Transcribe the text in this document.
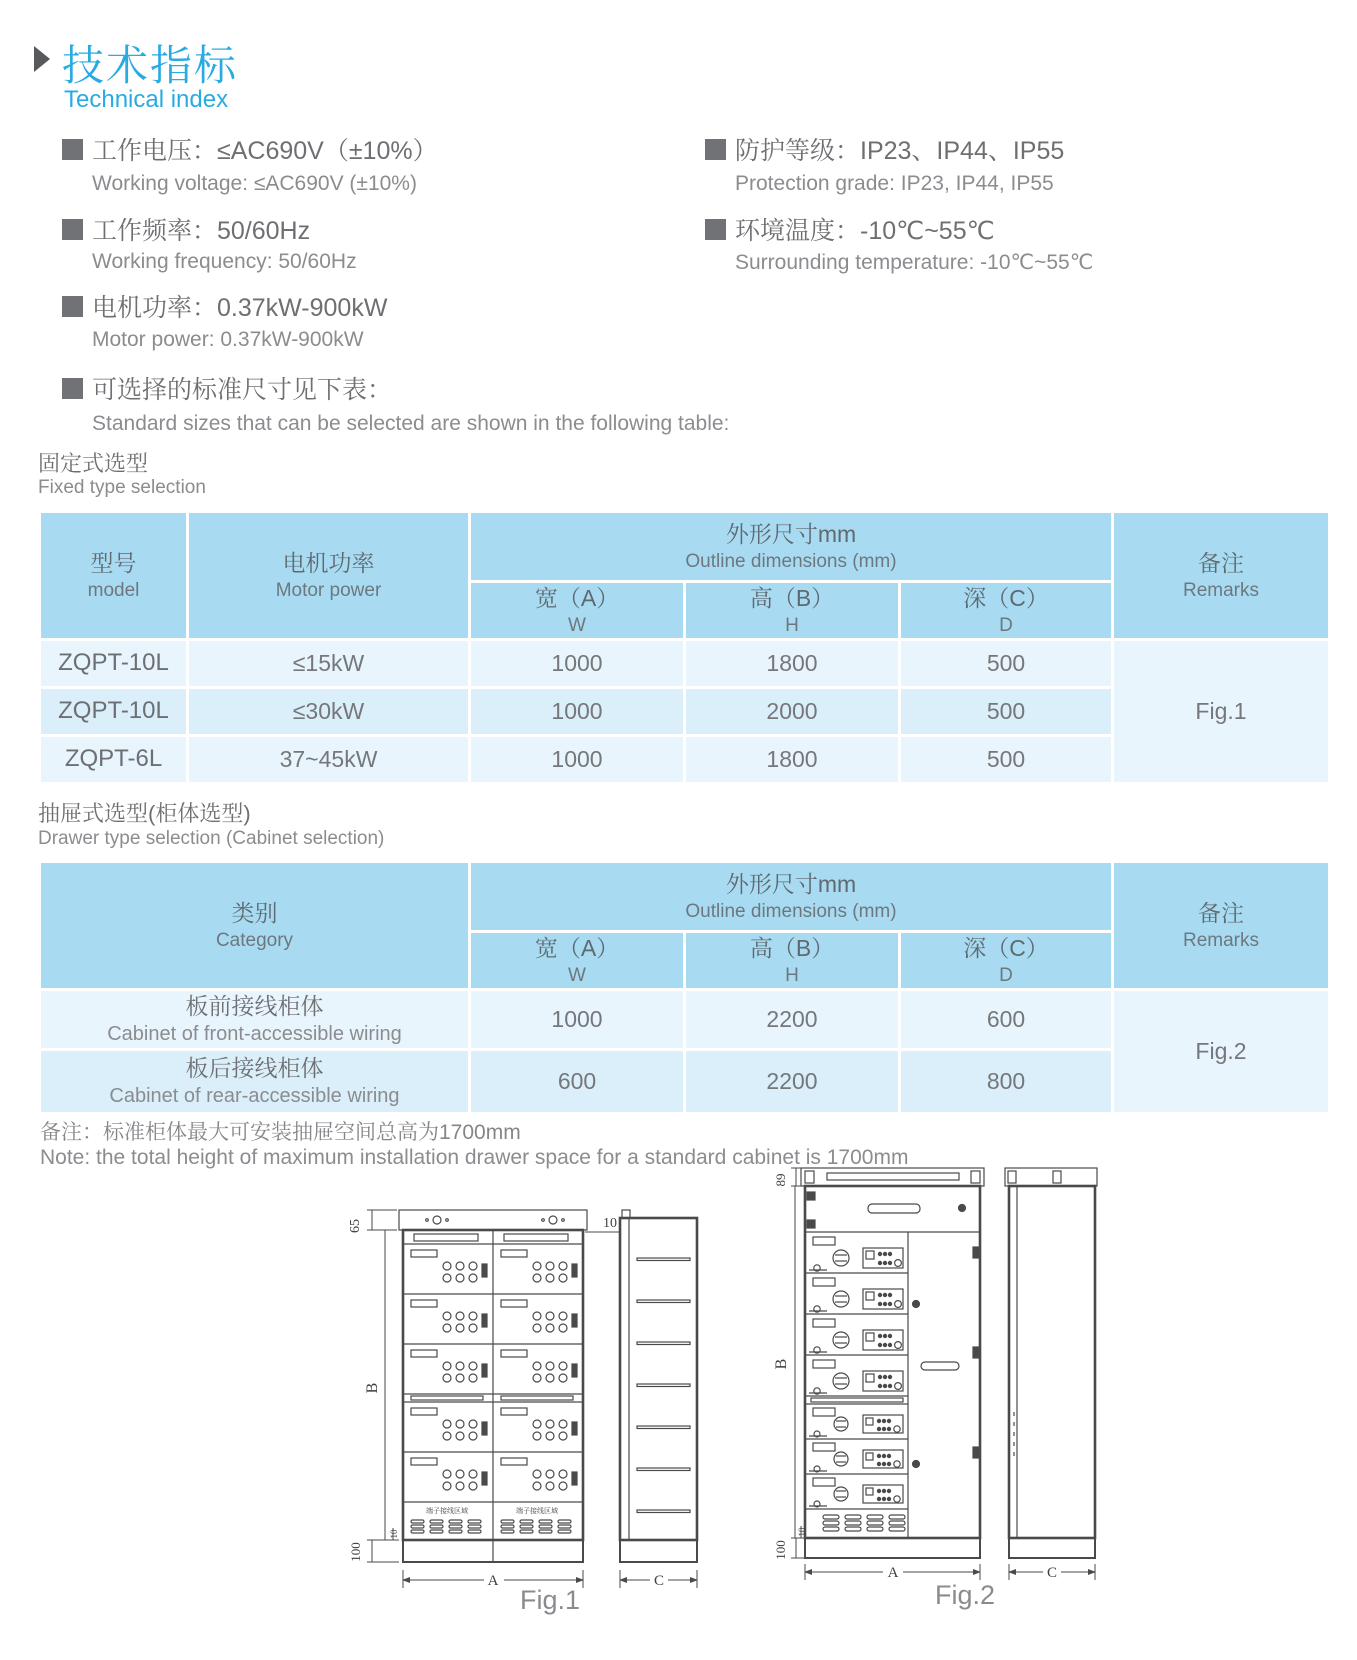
技术指标
Technical index
工作电压：≤AC690V（±10%）
Working voltage: ≤AC690V (±10%)
工作频率：50/60Hz
Working frequency: 50/60Hz
电机功率：0.37kW-900kW
Motor power: 0.37kW-900kW
防护等级：IP23、IP44、IP55
Protection grade: IP23, IP44, IP55
环境温度：-10℃~55℃
Surrounding temperature: -10℃~55℃
可选择的标准尺寸见下表：
Standard sizes that can be selected are shown in the following table:
固定式选型
Fixed type selection
型号
model

电机功率
Motor power

外形尺寸mm
Outline dimensions (mm)	备注
Remarks

宽（A）
W

高（B）
H

深（C）
D

ZQPT-10L	≤15kW	1000	1800	500	Fig.1
ZQPT-10L	≤30kW	1000	2000	500	
ZQPT-6L	37~45kW	1000	1800	500	
抽屉式选型(柜体选型)
Drawer type selection (Cabinet selection)
类别
Category

外形尺寸mm
Outline dimensions (mm)	备注
Remarks

宽（A）
W

高（B）
H

深（C）
D

板前接线柜体
Cabinet of front-accessible wiring	1000	2200	600	Fig.2

板后接线柜体
Cabinet of rear-accessible wiring	600	2200	800	
备注：标准柜体最大可安装抽屉空间总高为1700mm
Note: the total height of maximum installation drawer space for a standard cabinet is 1700mm
端子接线区域	端子接线区域
65
B
10
100
10
A	C
Fig.1
89
B
10
100
A	C
Fig.2
